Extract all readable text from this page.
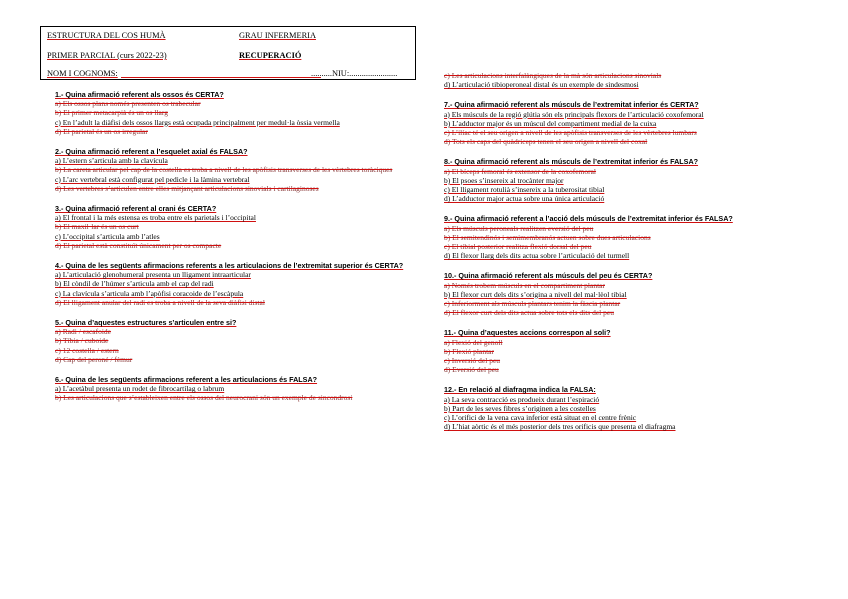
ESTRUCTURA DEL COS HUMÀ	GRAU INFERMERIA
PRIMER PARCIAL (curs 2022-23)	RECUPERACIÓ
NOM I COGNOMS:	..........NIU:.......................

1.- Quina afirmació referent als ossos és CERTA?

a) Els ossos plans només presenten os trabecular

b) El primer metacarpià és un os llarg

c) En l’adult la diàfisi dels ossos llargs està ocupada principalment per medul·la òssia vermella

d) El parietal és un os irregular

2.- Quina afirmació referent a l’esquelet axial és FALSA?

a) L’estern s’articula amb la clavícula

b) La careta articular pel cap de la costella es troba a nivell de les apòfisis transverses de les vèrtebres toràciques

c) L’arc vertebral està configurat pel pedicle i la làmina vertebral

d) Les vertebres s’articulen entre elles mitjançant articulacions sinovials i cartilaginoses

3.- Quina afirmació referent al crani és CERTA?

a) El frontal i la més estensa es troba entre els parietals i l’occipital

b) El maxil·lar és un os curt

c) L’occipital s’articula amb l’atles

d) El parietal està constituït únicament per os compacte

4.- Quina de les següents afirmacions referents a les articulacions de l’extremitat superior és CERTA?

a) L’articulació glenohumeral presenta un lligament intraarticular

b) El còndil de l’húmer s’articula amb el cap del radi

c) La clavícula s’articula amb l’apòfisi coracoide de l’escàpula

d) El lligament anular del radi es troba a nivell de la seva diàfisi distal

5.- Quina d’aquestes estructures s’articulen entre si?

a) Radi / escafoide

b) Tíbia / cuboide

c) 12 costella / estern

d) Cap del peroné / fèmur

6.- Quina de les següents afirmacions referent a les articulacions és FALSA?

a) L’acetàbul presenta un rodet de fibrocartílag o labrum

b) Les articulacions que s’estableixen entre els ossos del neurocrani són un exemple de sincondrosi

c) Les articulacions interfalàngiques de la mà són articulacions sinovials

d) L’articulació tibioperoneal distal és un exemple de sindesmosi

7.- Quina afirmació referent als músculs de l’extremitat inferior és CERTA?

a) Els músculs de la regió glútia són els principals flexors de l’articulació coxofemoral

b) L’adductor major és un múscul del compartiment medial de la cuixa

c) L’ilíac té el seu origen a nivell de les apòfisis transverses de les vèrtebres lumbars

d) Tots els caps del quàdriceps tenen el seu origen a nivell del coxal

8.- Quina afirmació referent als músculs de l’extremitat inferior és FALSA?

a) El bíceps femoral és extensor de la coxofemoral

b) El psoes s’insereix al trocànter major

c) El lligament rotulià s’insereix a la tuberositat tibial

d) L’adductor major actua sobre una única articulació

9.- Quina afirmació referent a l’acció dels músculs de l’extremitat inferior és FALSA?

a) Els músculs peroneals realitzen eversió del peu

b) El semitendinós i semimembranós actuen sobre dues articulacions

c) El tibial posterior realitza flexió dorsal del peu

d) El flexor llarg dels dits actua sobre l’articulació del turmell

10.- Quina afirmació referent als músculs del peu és CERTA?

a) Només trobem músculs en el compartiment plantar

b) El flexor curt dels dits s’origina a nivell del mal·lèol tibial

c) Inferiorment als músculs plantars tenim la fàscia plantar

d) El flexor curt dels dits actua sobre tots els dits del peu

11.- Quina d’aquestes accions correspon al soli?

a) Flexió del genoll

b) Flexió plantar

c) Inversió del peu

d) Eversió del peu

12.- En relació al diafragma indica la FALSA:

a) La seva contracció es produeix durant l’espiració

b) Part de les seves fibres s’originen a les costelles

c) L’orifici de la vena cava inferior està situat en el centre frènic

d) L’hiat aòrtic és el més posterior dels tres orificis que presenta el diafragma
